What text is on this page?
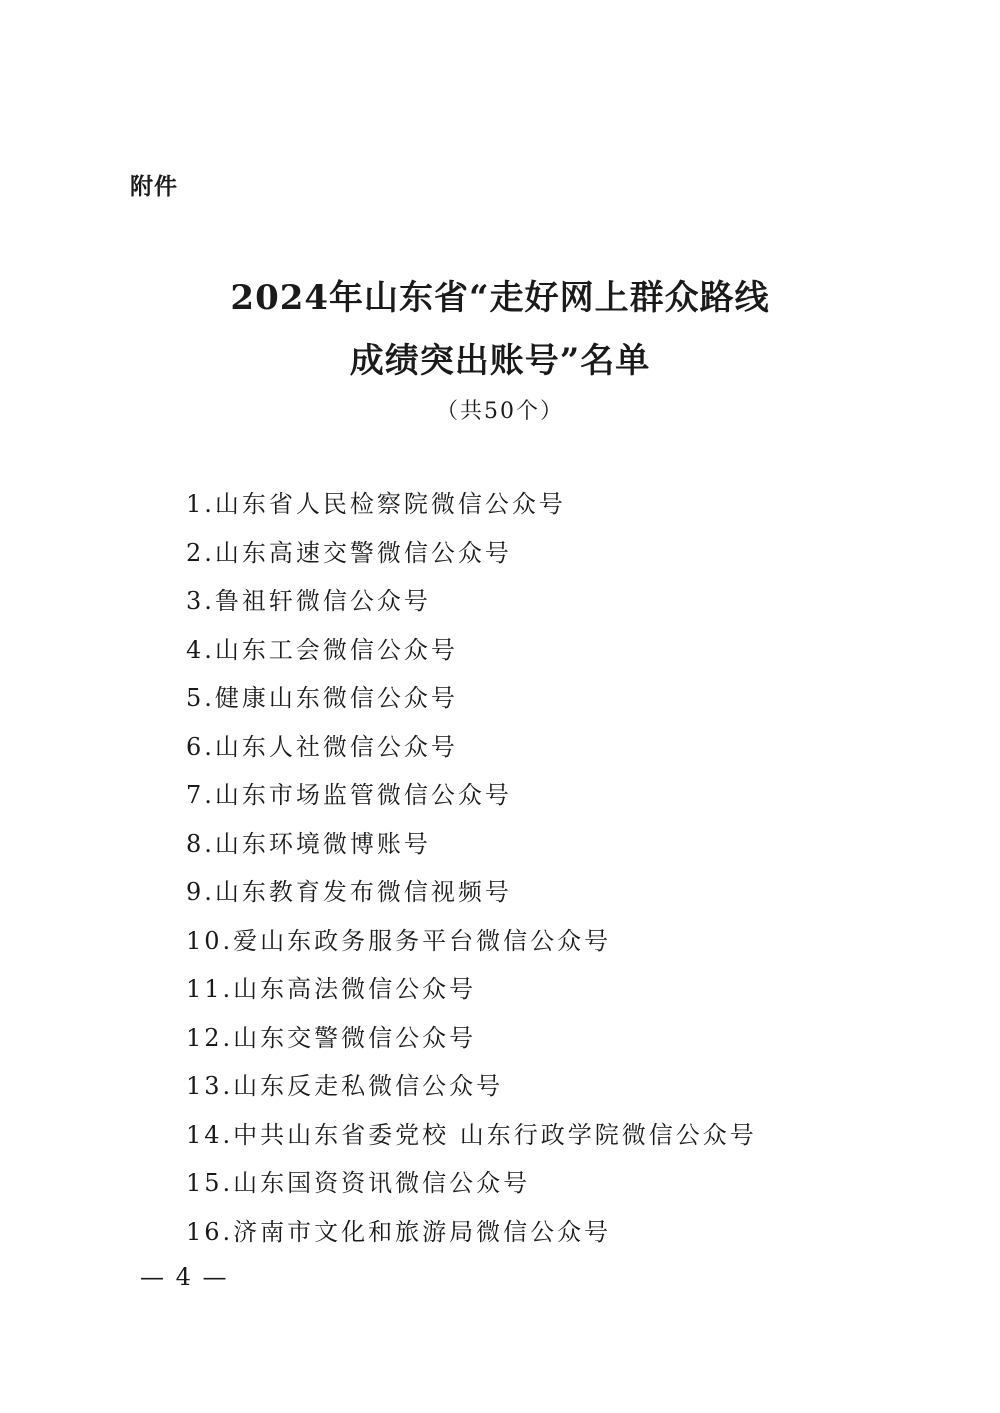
附件
2024年山东省“走好网上群众路线
成绩突出账号”名单
（共50个）
1.山东省人民检察院微信公众号
2.山东高速交警微信公众号
3.鲁祖轩微信公众号
4.山东工会微信公众号
5.健康山东微信公众号
6.山东人社微信公众号
7.山东市场监管微信公众号
8.山东环境微博账号
9.山东教育发布微信视频号
10.爱山东政务服务平台微信公众号
11.山东高法微信公众号
12.山东交警微信公众号
13.山东反走私微信公众号
14.中共山东省委党校 山东行政学院微信公众号
15.山东国资资讯微信公众号
16.济南市文化和旅游局微信公众号
— 4 —
